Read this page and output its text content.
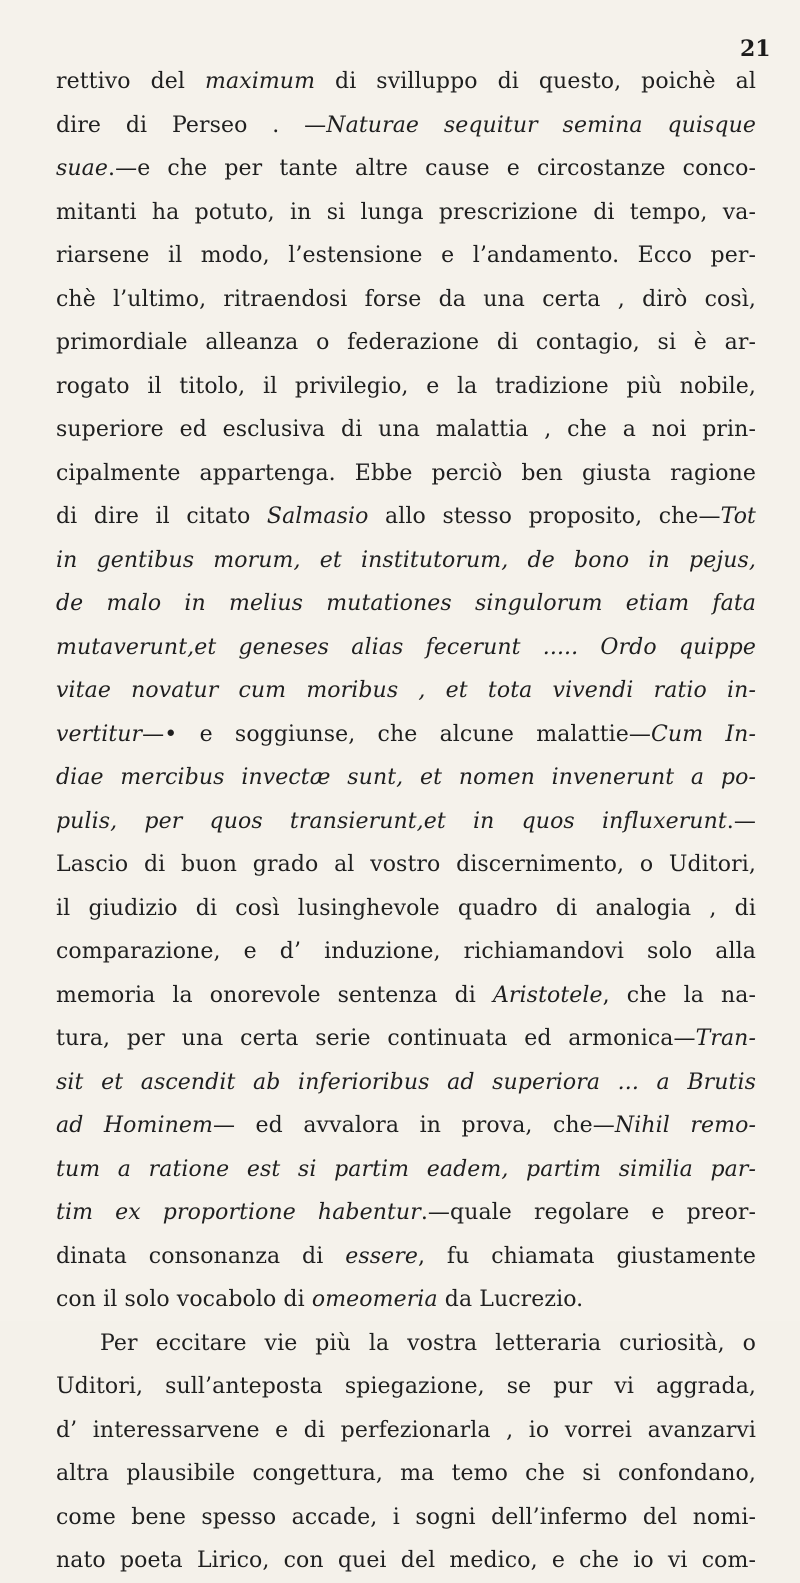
21
rettivo del maximum di svilluppo di questo, poichè al
dire di Perseo . —Naturae sequitur semina quisque
suae.—e che per tante altre cause e circostanze conco-
mitanti ha potuto, in si lunga prescrizione di tempo, va-
riarsene il modo, l’estensione e l’andamento. Ecco per-
chè l’ultimo, ritraendosi forse da una certa , dirò così,
primordiale alleanza o federazione di contagio, si è ar-
rogato il titolo, il privilegio, e la tradizione più nobile,
superiore ed esclusiva di una malattia , che a noi prin-
cipalmente appartenga. Ebbe perciò ben giusta ragione
di dire il citato Salmasio allo stesso proposito, che—Tot
in gentibus morum, et institutorum, de bono in pejus,
de malo in melius mutationes singulorum etiam fata
mutaverunt,et geneses alias fecerunt ..... Ordo quippe
vitae novatur cum moribus , et tota vivendi ratio in-
vertitur—• e soggiunse, che alcune malattie—Cum In-
diae mercibus invectæ sunt, et nomen invenerunt a po-
pulis, per quos transierunt,et in quos influxerunt.—
Lascio di buon grado al vostro discernimento, o Uditori,
il giudizio di così lusinghevole quadro di analogia , di
comparazione, e d’ induzione, richiamandovi solo alla
memoria la onorevole sentenza di Aristotele, che la na-
tura, per una certa serie continuata ed armonica—Tran-
sit et ascendit ab inferioribus ad superiora ... a Brutis
ad Hominem— ed avvalora in prova, che—Nihil remo-
tum a ratione est si partim eadem, partim similia par-
tim ex proportione habentur.—quale regolare e preor-
dinata consonanza di essere, fu chiamata giustamente
con il solo vocabolo di omeomeria da Lucrezio.
Per eccitare vie più la vostra letteraria curiosità, o
Uditori, sull’anteposta spiegazione, se pur vi aggrada,
d’ interessarvene e di perfezionarla , io vorrei avanzarvi
altra plausibile congettura, ma temo che si confondano,
come bene spesso accade, i sogni dell’infermo del nomi-
nato poeta Lirico, con quei del medico, e che io vi com-
